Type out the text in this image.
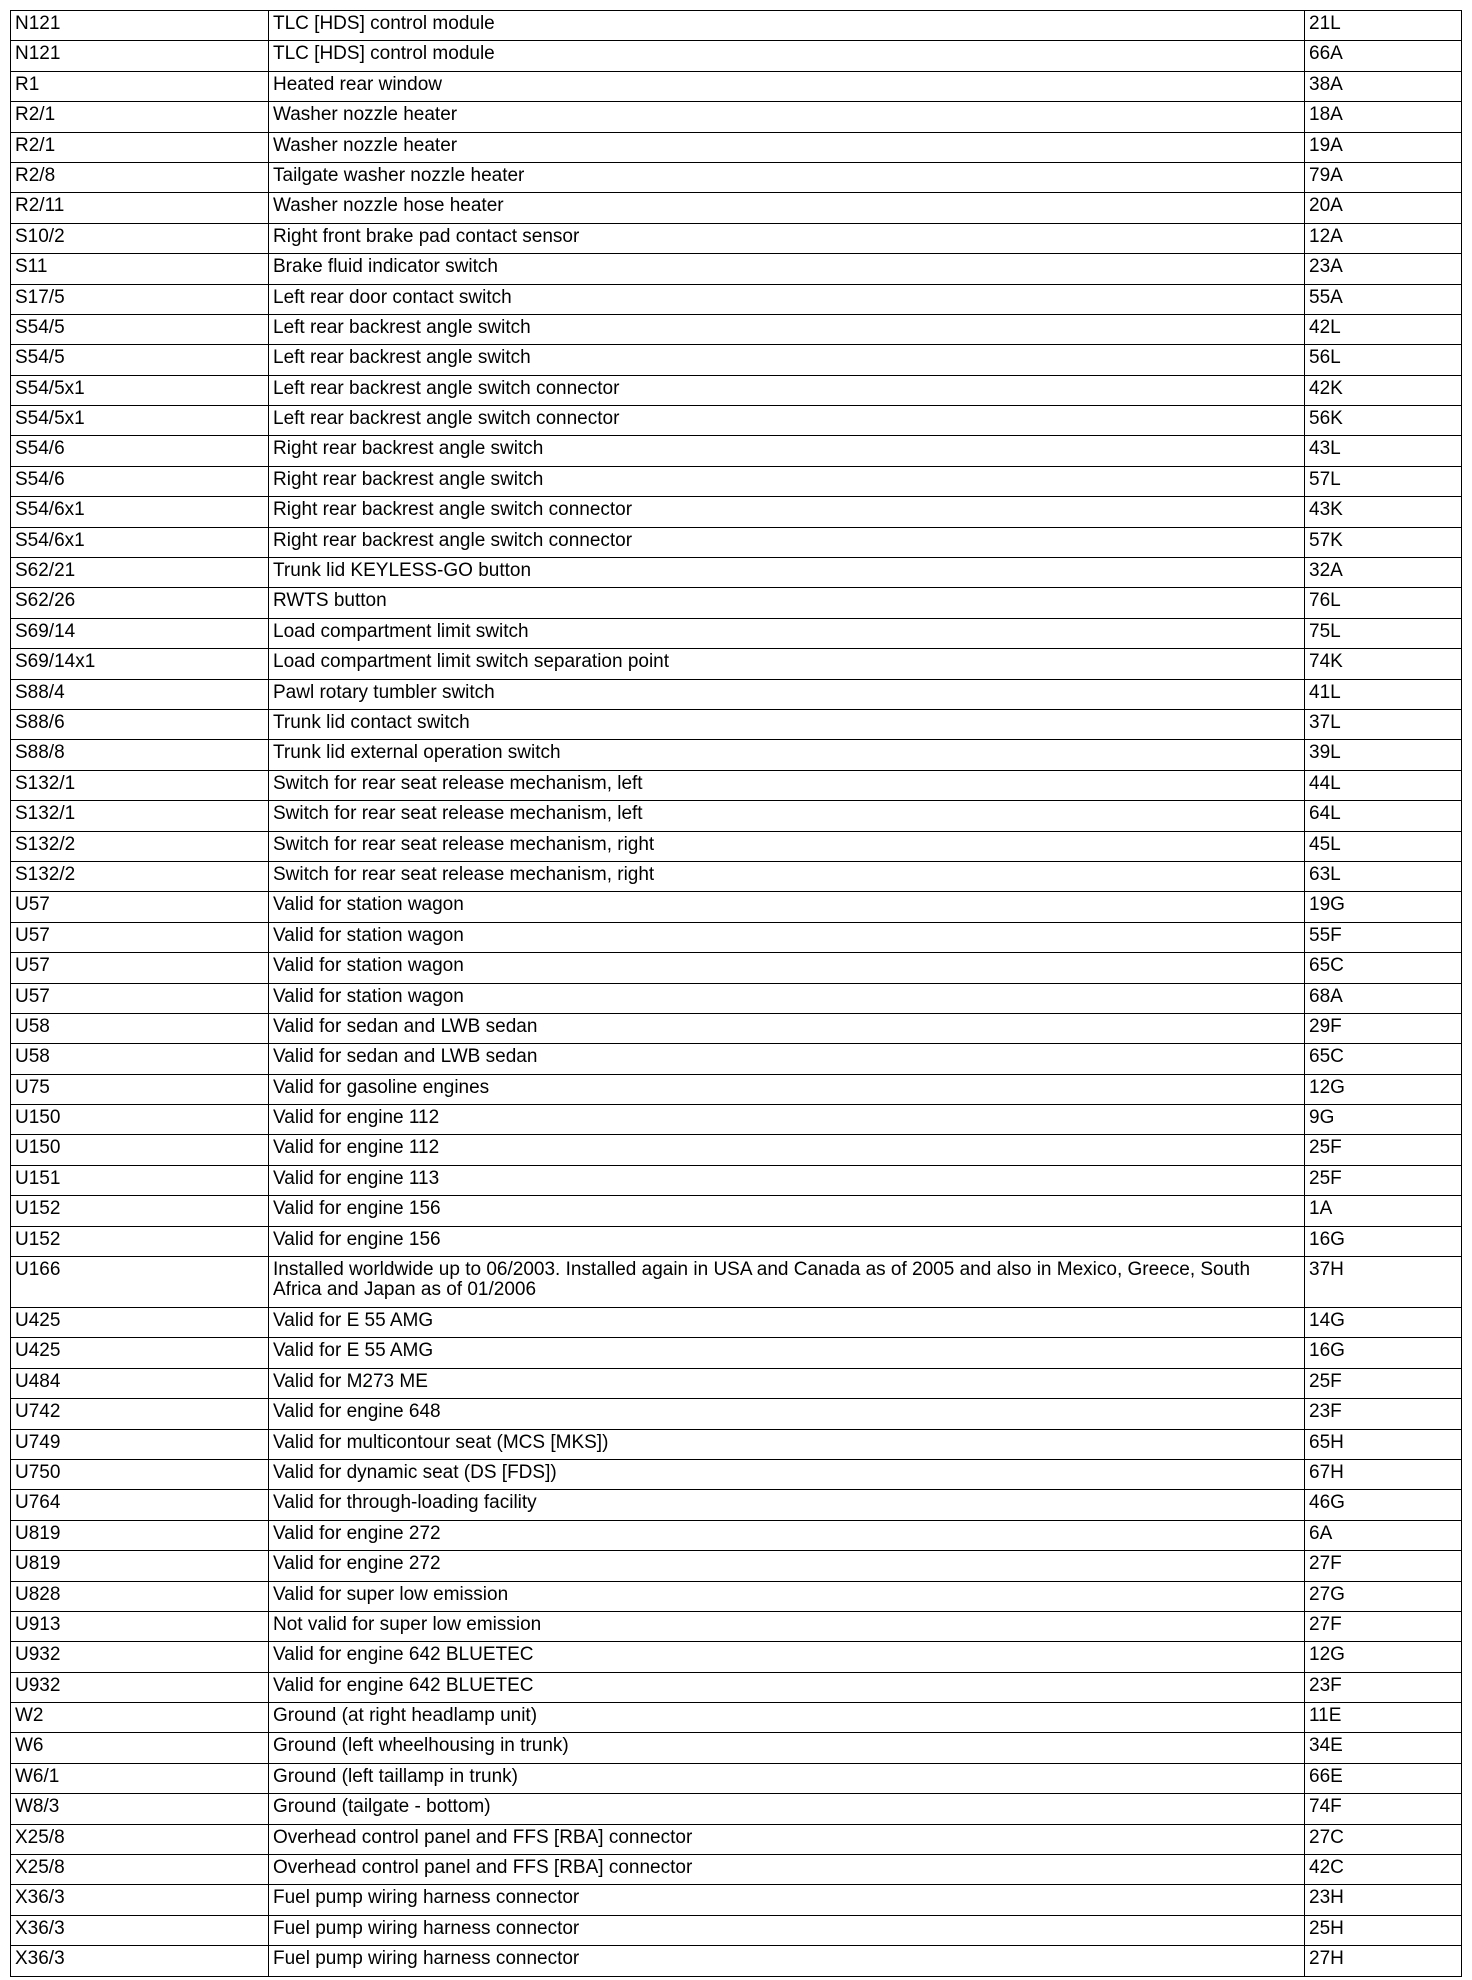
N121	TLC [HDS] control module	21L
N121	TLC [HDS] control module	66A
R1	Heated rear window	38A
R2/1	Washer nozzle heater	18A
R2/1	Washer nozzle heater	19A
R2/8	Tailgate washer nozzle heater	79A
R2/11	Washer nozzle hose heater	20A
S10/2	Right front brake pad contact sensor	12A
S11	Brake fluid indicator switch	23A
S17/5	Left rear door contact switch	55A
S54/5	Left rear backrest angle switch	42L
S54/5	Left rear backrest angle switch	56L
S54/5x1	Left rear backrest angle switch connector	42K
S54/5x1	Left rear backrest angle switch connector	56K
S54/6	Right rear backrest angle switch	43L
S54/6	Right rear backrest angle switch	57L
S54/6x1	Right rear backrest angle switch connector	43K
S54/6x1	Right rear backrest angle switch connector	57K
S62/21	Trunk lid KEYLESS-GO button	32A
S62/26	RWTS button	76L
S69/14	Load compartment limit switch	75L
S69/14x1	Load compartment limit switch separation point	74K
S88/4	Pawl rotary tumbler switch	41L
S88/6	Trunk lid contact switch	37L
S88/8	Trunk lid external operation switch	39L
S132/1	Switch for rear seat release mechanism, left	44L
S132/1	Switch for rear seat release mechanism, left	64L
S132/2	Switch for rear seat release mechanism, right	45L
S132/2	Switch for rear seat release mechanism, right	63L
U57	Valid for station wagon	19G
U57	Valid for station wagon	55F
U57	Valid for station wagon	65C
U57	Valid for station wagon	68A
U58	Valid for sedan and LWB sedan	29F
U58	Valid for sedan and LWB sedan	65C
U75	Valid for gasoline engines	12G
U150	Valid for engine 112	9G
U150	Valid for engine 112	25F
U151	Valid for engine 113	25F
U152	Valid for engine 156	1A
U152	Valid for engine 156	16G
U166	Installed worldwide up to 06/2003. Installed again in USA and Canada as of 2005 and also in Mexico, Greece, South Africa and Japan as of 01/2006	37H
U425	Valid for E 55 AMG	14G
U425	Valid for E 55 AMG	16G
U484	Valid for M273 ME	25F
U742	Valid for engine 648	23F
U749	Valid for multicontour seat (MCS [MKS])	65H
U750	Valid for dynamic seat (DS [FDS])	67H
U764	Valid for through-loading facility	46G
U819	Valid for engine 272	6A
U819	Valid for engine 272	27F
U828	Valid for super low emission	27G
U913	Not valid for super low emission	27F
U932	Valid for engine 642 BLUETEC	12G
U932	Valid for engine 642 BLUETEC	23F
W2	Ground (at right headlamp unit)	11E
W6	Ground (left wheelhousing in trunk)	34E
W6/1	Ground (left taillamp in trunk)	66E
W8/3	Ground (tailgate - bottom)	74F
X25/8	Overhead control panel and FFS [RBA] connector	27C
X25/8	Overhead control panel and FFS [RBA] connector	42C
X36/3	Fuel pump wiring harness connector	23H
X36/3	Fuel pump wiring harness connector	25H
X36/3	Fuel pump wiring harness connector	27H
